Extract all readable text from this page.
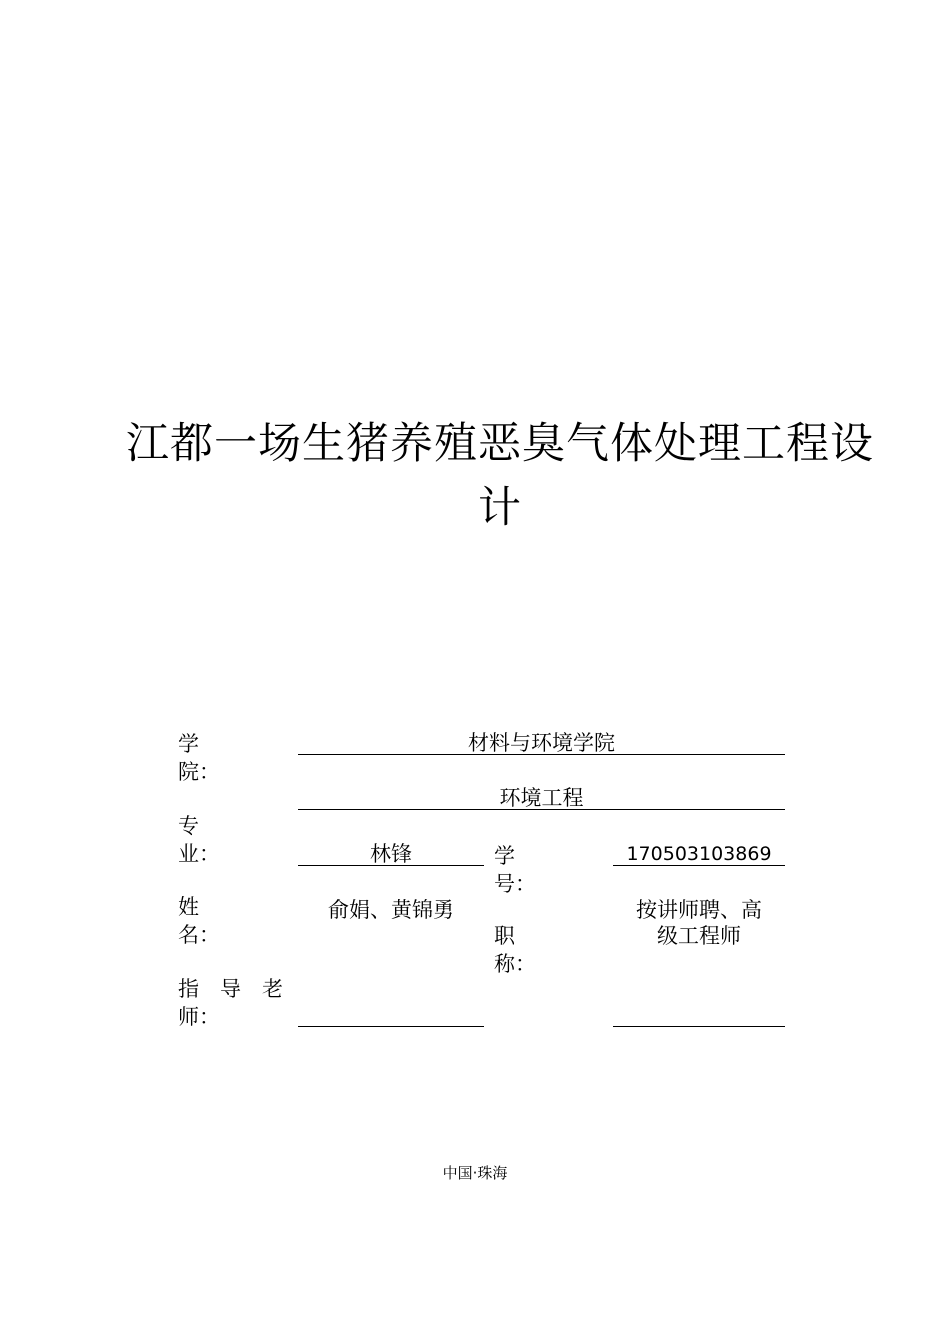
江都一场生猪养殖恶臭气体处理工程设计
学
院：
材料与环境学院
环境工程
专
业：	林锋	学
号：
170503103869
姓
名：
俞娟、黄锦勇
职
称：
按讲师聘、高
级工程师
指　导　老
师：
中国·珠海
